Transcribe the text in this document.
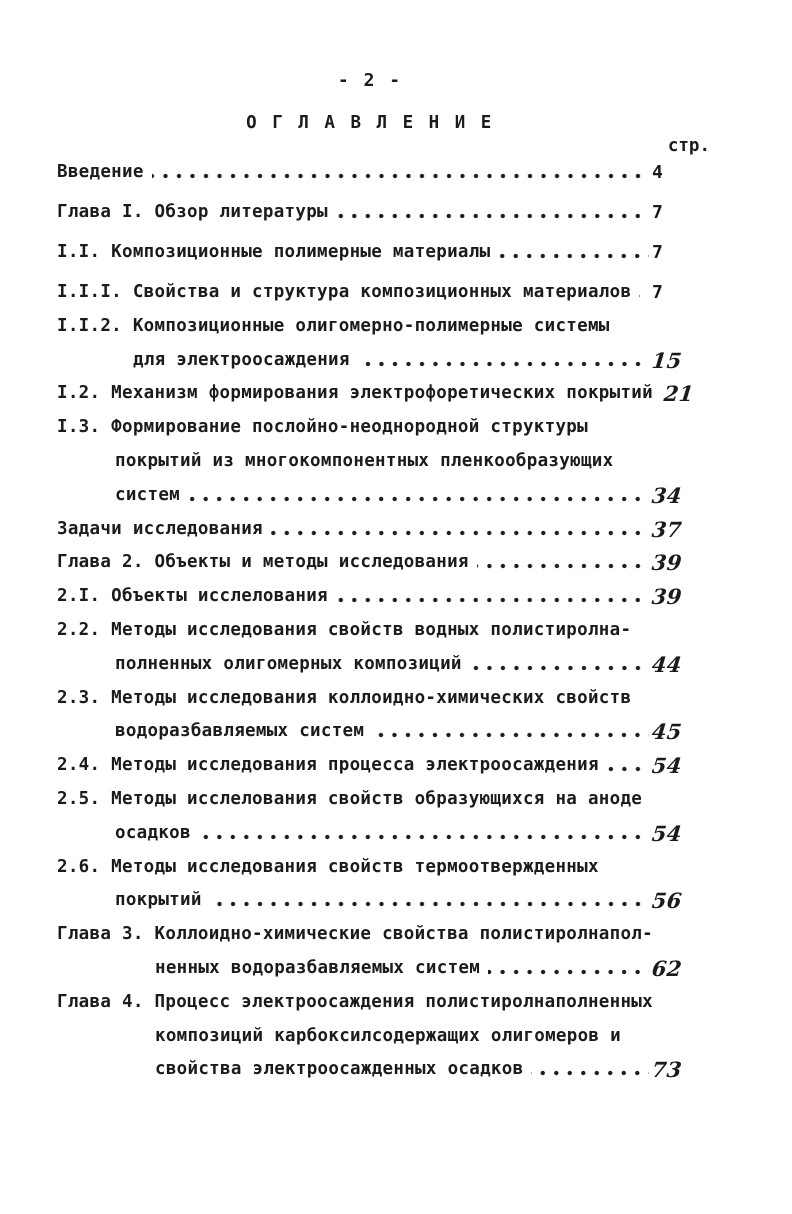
- 2 -
О Г Л А В Л Е Н И Е
стр.
Введение	4
Глава I. Обзор литературы	7
I.I. Композиционные полимерные материалы	7
I.I.I. Свойства и структура композиционных материалов 7
I.I.2. Композиционные олигомерно-полимерные системы
для электроосаждения	15
I.2. Механизм формирования электрофоретических покрытий 21
I.3. Формирование послойно-неоднородной структуры
покрытий из многокомпонентных пленкообразующих
систем	34
Задачи исследования	37
Глава 2. Объекты и методы исследования	39
2.I. Объекты исслелования	39
2.2. Методы исследования свойств водных полистиролна-
полненных олигомерных композиций	44
2.3. Методы исследования коллоидно-химических свойств
водоразбавляемых систем	45
2.4. Методы исследования процесса электроосаждения 54
2.5. Методы исслелования свойств образующихся на аноде
осадков	54
2.6. Методы исследования свойств термоотвержденных
покрытий	56
Глава 3. Коллоидно-химические свойства полистиролнапол-
ненных водоразбавляемых систем	62
Глава 4. Процесс электроосаждения полистиролнаполненных
композиций карбоксилсодержащих олигомеров и
свойства электроосажденных осадков	73
